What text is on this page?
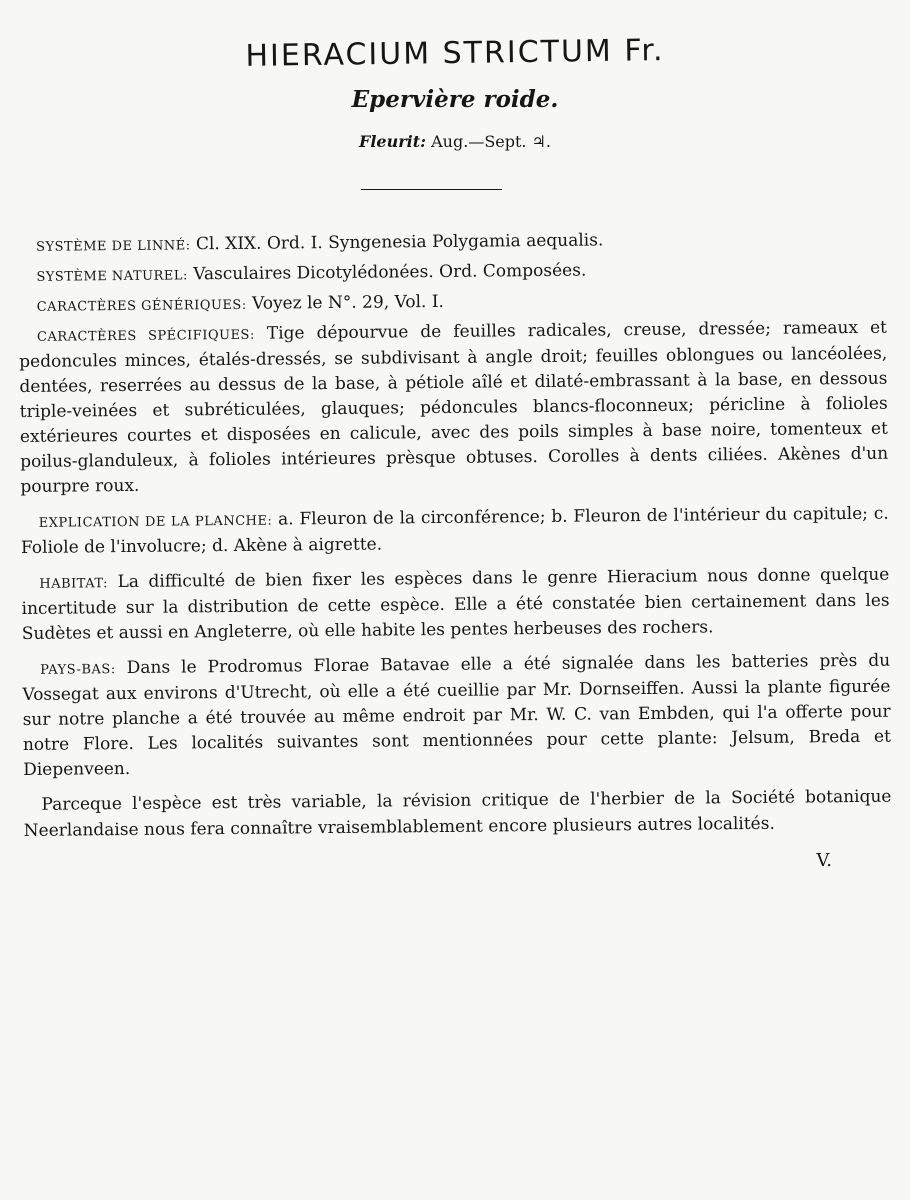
HIERACIUM STRICTUM Fr.
Epervière roide.
Fleurit: Aug.—Sept. ♃.

SYSTÈME DE LINNÉ: Cl. XIX. Ord. I. Syngenesia Polygamia aequalis.

SYSTÈME NATUREL: Vasculaires Dicotylédonées. Ord. Composées.

CARACTÈRES GÉNÉRIQUES: Voyez le N°. 29, Vol. I.

CARACTÈRES SPÉCIFIQUES: Tige dépourvue de feuilles radicales, creuse, dressée; rameaux et pedoncules minces, étalés-dressés, se subdivisant à angle droit; feuilles oblongues ou lancéolées, dentées, reserrées au dessus de la base, à pétiole aîlé et dilaté-embrassant à la base, en dessous triple-veinées et subréticulées, glauques; pédoncules blancs-floconneux; péricline à folioles extérieures courtes et disposées en calicule, avec des poils simples à base noire, tomenteux et poilus-glanduleux, à folioles intérieures prèsque obtuses. Corolles à dents ciliées. Akènes d'un pourpre roux.

EXPLICATION DE LA PLANCHE: a. Fleuron de la circonférence; b. Fleuron de l'intérieur du capitule; c. Foliole de l'involucre; d. Akène à aigrette.

HABITAT: La difficulté de bien fixer les espèces dans le genre Hieracium nous donne quelque incertitude sur la distribution de cette espèce. Elle a été constatée bien certainement dans les Sudètes et aussi en Angleterre, où elle habite les pentes herbeuses des rochers.

PAYS-BAS: Dans le Prodromus Florae Batavae elle a été signalée dans les batteries près du Vossegat aux environs d'Utrecht, où elle a été cueillie par Mr. Dornseiffen. Aussi la plante figurée sur notre planche a été trouvée au même endroit par Mr. W. C. van Embden, qui l'a offerte pour notre Flore. Les localités suivantes sont mentionnées pour cette plante: Jelsum, Breda et Diepenveen.

Parceque l'espèce est très variable, la révision critique de l'herbier de la Société botanique Neerlandaise nous fera connaître vraisemblablement encore plusieurs autres localités.

V.
